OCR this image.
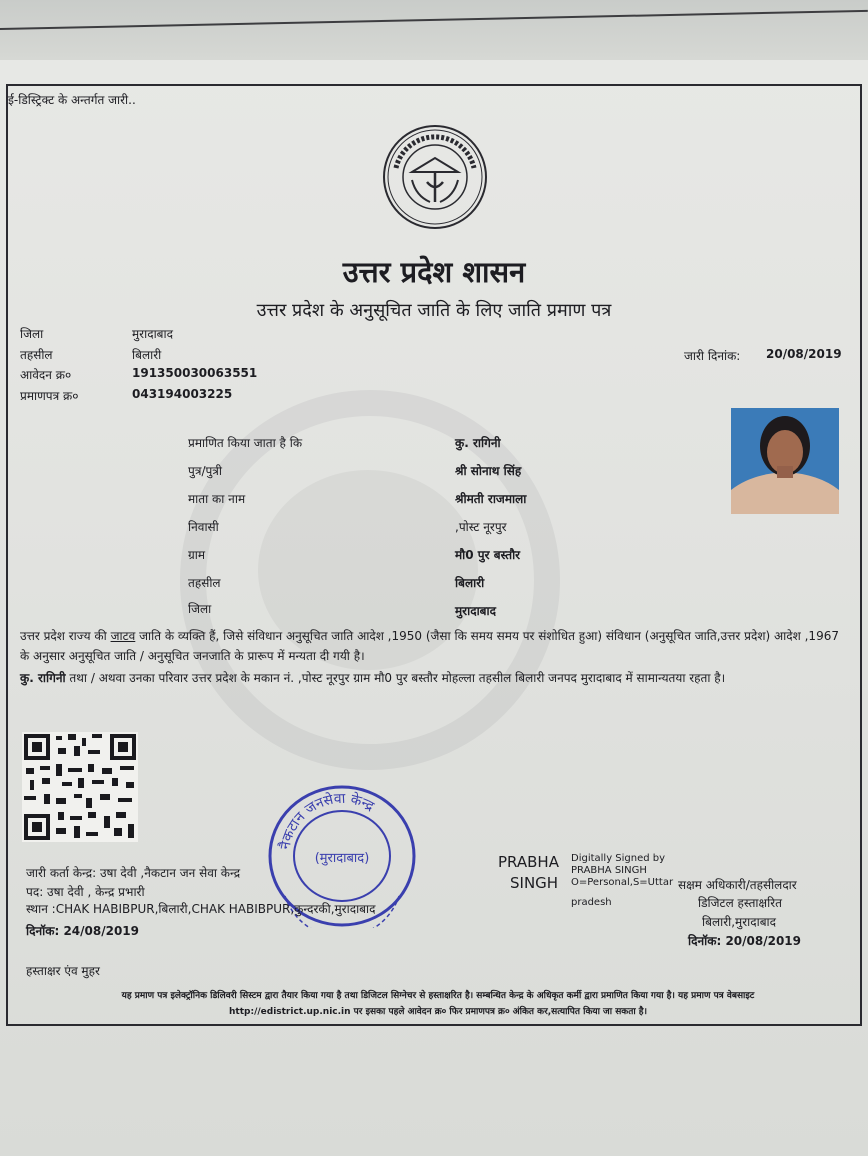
ई-डिस्ट्रिक्ट के अन्तर्गत जारी..
उत्तर प्रदेश शासन
उत्तर प्रदेश के अनुसूचित जाति के लिए जाति प्रमाण पत्र
जिला	मुरादाबाद
तहसील	बिलारी
आवेदन क्र०	191350030063551
प्रमाणपत्र क्र०	043194003225
जारी दिनांक: 20/08/2019
प्रमाणित किया जाता है कि	कु. रागिनी
पुत्र/पुत्री	श्री सोनाथ सिंह
माता का नाम	श्रीमती राजमाला
निवासी	,पोस्ट नूरपुर
ग्राम	मौ0 पुर बस्तौर
तहसील	बिलारी
जिला	मुरादाबाद
उत्तर प्रदेश राज्य की जाटव जाति के व्यक्ति हैं, जिसे संविधान अनुसूचित जाति आदेश ,1950 (जैसा कि समय समय पर संशोधित हुआ) संविधान (अनुसूचित जाति,उत्तर प्रदेश) आदेश ,1967 के अनुसार अनुसूचित जाति / अनुसूचित जनजाति के प्रारूप में मन्यता दी गयी है।
कु. रागिनी तथा / अथवा उनका परिवार उत्तर प्रदेश के मकान नं. ,पोस्ट नूरपुर ग्राम मौ0 पुर बस्तौर मोहल्ला तहसील बिलारी जनपद मुरादाबाद में सामान्यतया रहता है।
नैकटान जनसेवा केन्द्र
(मुरादाबाद)
जारी कर्ता केन्द्र: उषा देवी ,नैकटान जन सेवा केन्द्र
पद: उषा देवी , केन्द्र प्रभारी
स्थान :CHAK HABIBPUR,बिलारी,CHAK HABIBPUR,कुन्दरकी,मुरादाबाद
दिनॉक: 24/08/2019
हस्ताक्षर एंव मुहर
PRABHA
SINGH
Digitally Signed by
PRABHA SINGH
O=Personal,S=Uttar
pradesh
सक्षम अधिकारी/तहसीलदार
डिजिटल हस्ताक्षरित
बिलारी,मुरादाबाद
दिनॉक: 20/08/2019
यह प्रमाण पत्र इलेक्ट्रॉनिक डिलिवरी सिस्टम द्वारा तैयार किया गया है तथा डिजिटल सिग्नेचर से हस्ताक्षरित है। सम्बन्धित केन्द्र के अधिकृत कर्मी द्वारा प्रमाणित किया गया है। यह प्रमाण पत्र वेबसाइट
http://edistrict.up.nic.in पर इसका पहले आवेदन क्र० फिर प्रमाणपत्र क्र० अंकित कर,सत्यापित किया जा सकता है।
